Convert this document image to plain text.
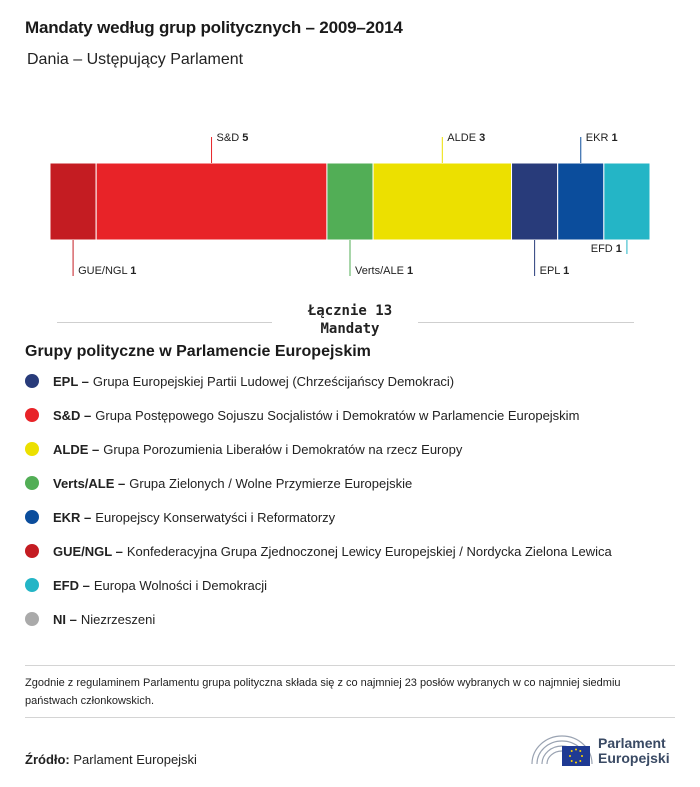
Mandaty według grup politycznych – 2009–2014
Dania – Ustępujący Parlament
GUE/NGL 1
S&D 5
Verts/ALE 1
ALDE 3
EPL 1
EKR 1
EFD 1
Łącznie 13
Mandaty
Grupy polityczne w Parlamencie Europejskim
EPL – Grupa Europejskiej Partii Ludowej (Chrześcijańscy Demokraci)
S&D – Grupa Postępowego Sojuszu Socjalistów i Demokratów w Parlamencie Europejskim
ALDE – Grupa Porozumienia Liberałów i Demokratów na rzecz Europy
Verts/ALE – Grupa Zielonych / Wolne Przymierze Europejskie
EKR – Europejscy Konserwatyści i Reformatorzy
GUE/NGL – Konfederacyjna Grupa Zjednoczonej Lewicy Europejskiej / Nordycka Zielona Lewica
EFD – Europa Wolności i Demokracji
NI – Niezrzeszeni
Zgodnie z regulaminem Parlamentu grupa polityczna składa się z co najmniej 23 posłów wybranych w co najmniej siedmiu państwach członkowskich.
Źródło: Parlament Europejski
Parlament
Europejski
